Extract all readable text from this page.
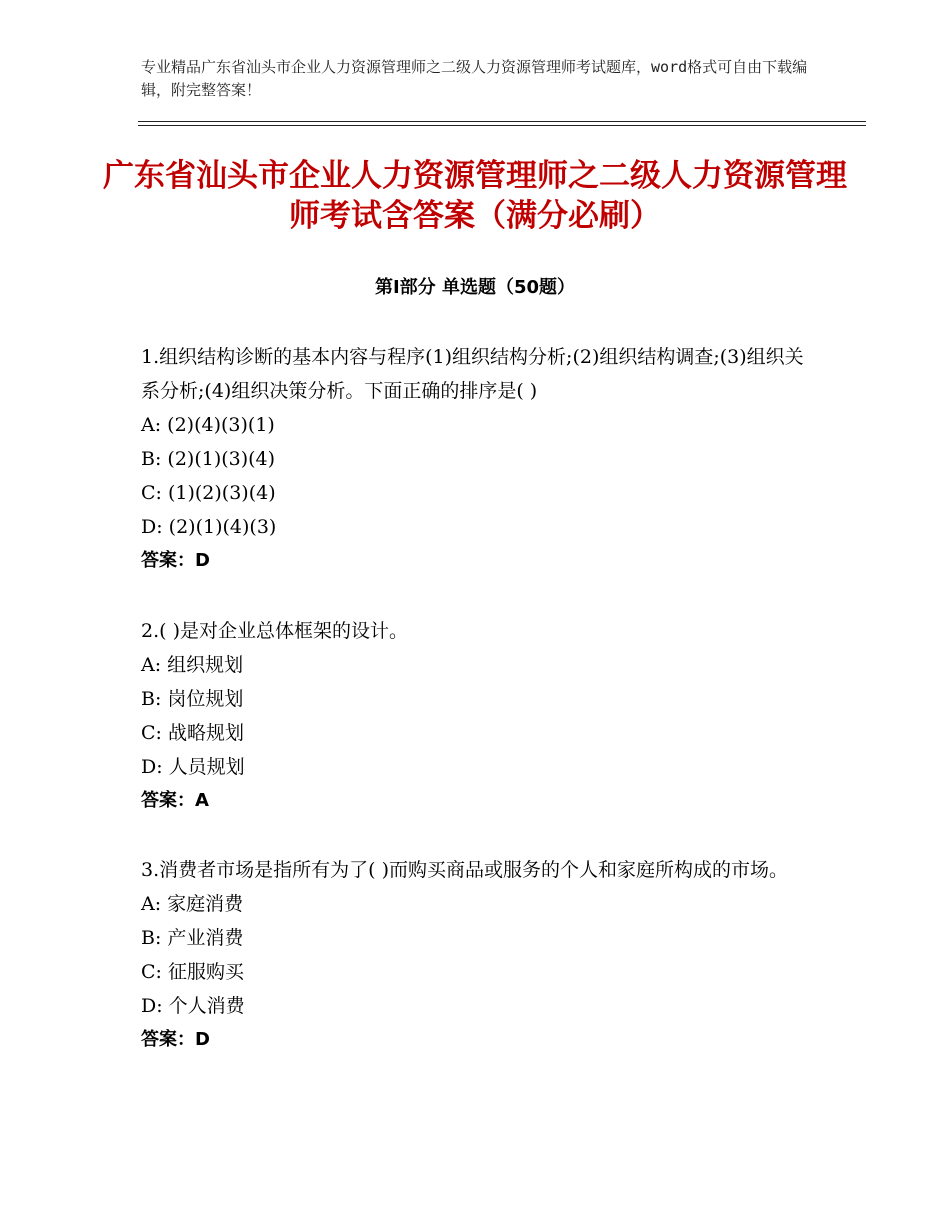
专业精品广东省汕头市企业人力资源管理师之二级人力资源管理师考试题库，word格式可自由下载编辑，附完整答案！
广东省汕头市企业人力资源管理师之二级人力资源管理师考试含答案（满分必刷）
第Ⅰ部分 单选题（50题）

1.组织结构诊断的基本内容与程序(1)组织结构分析;(2)组织结构调查;(3)组织关系分析;(4)组织决策分析。下面正确的排序是( )

A: (2)(4)(3)(1)

B: (2)(1)(3)(4)

C: (1)(2)(3)(4)

D: (2)(1)(4)(3)

答案：D

2.( )是对企业总体框架的设计。

A: 组织规划

B: 岗位规划

C: 战略规划

D: 人员规划

答案：A

3.消费者市场是指所有为了( )而购买商品或服务的个人和家庭所构成的市场。

A: 家庭消费

B: 产业消费

C: 征服购买

D: 个人消费

答案：D
